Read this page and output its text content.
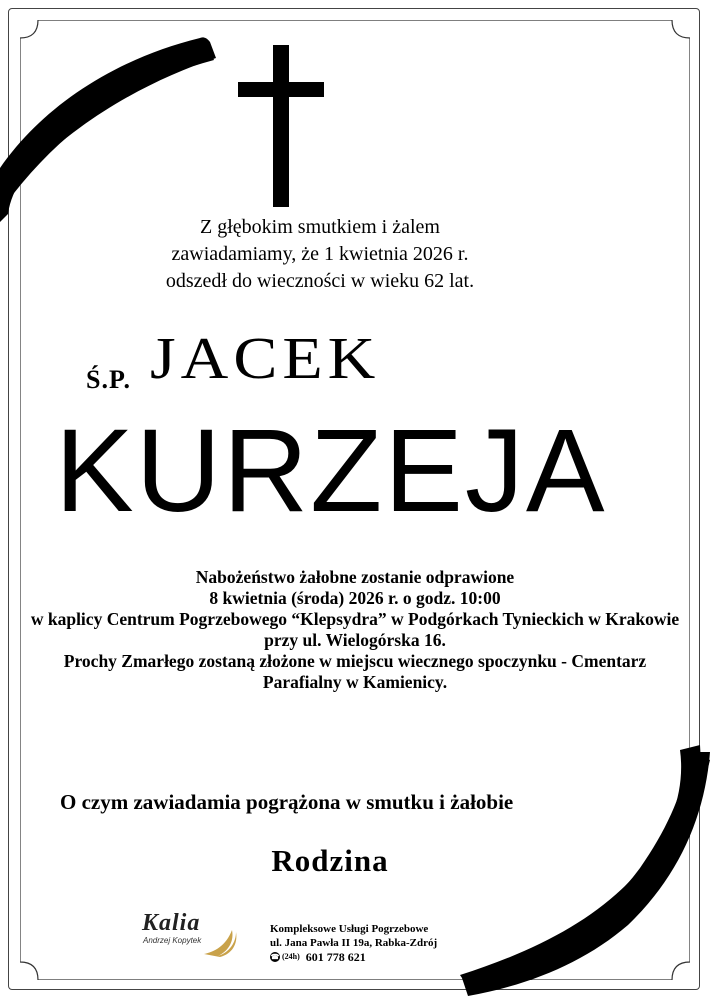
Z głębokim smutkiem i żalem
zawiadamiamy, że 1 kwietnia 2026 r.
odszedł do wieczności w wieku 62 lat.
Ś.P. JACEK
KURZEJA
Nabożeństwo żałobne zostanie odprawione
8 kwietnia (środa) 2026 r. o godz. 10:00
w kaplicy Centrum Pogrzebowego “Klepsydra” w Podgórkach Tynieckich w Krakowie
przy ul. Wielogórska 16.
Prochy Zmarłego zostaną złożone w miejscu wiecznego spoczynku - Cmentarz
Parafialny w Kamienicy.
O czym zawiadamia pogrążona w smutku i żałobie
Rodzina
Kalia
Andrzej Kopytek
Kompleksowe Usługi Pogrzebowe
ul. Jana Pawła II 19a, Rabka-Zdrój
☎ (24h) 601 778 621
